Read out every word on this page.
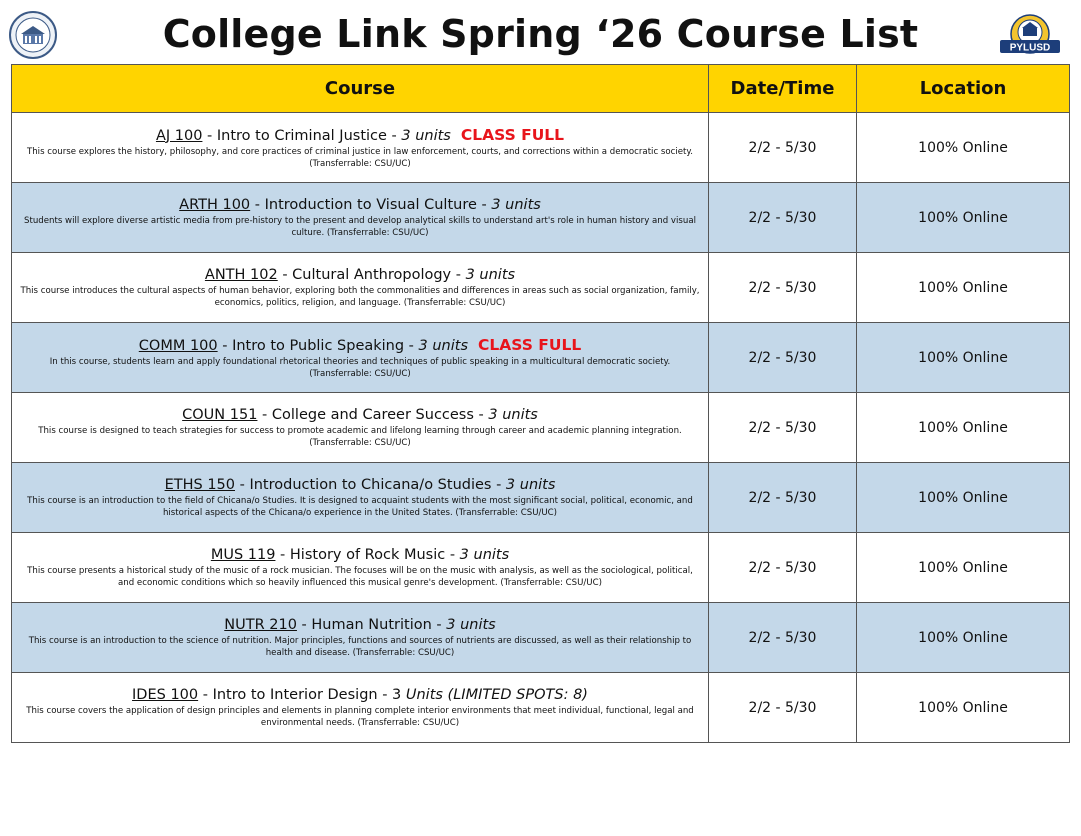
College Link Spring ‘26 Course List	PYLUSD
Course	Date/Time	Location

AJ 100 - Intro to Criminal Justice - 3 units CLASS FULL
This course explores the history, philosophy, and core practices of criminal justice in law enforcement, courts, and corrections within a democratic society. (Transferrable: CSU/UC)	2/2 - 5/30	100% Online

ARTH 100 - Introduction to Visual Culture - 3 units
Students will explore diverse artistic media from pre-history to the present and develop analytical skills to understand art's role in human history and visual culture. (Transferrable: CSU/UC)	2/2 - 5/30	100% Online

ANTH 102 - Cultural Anthropology - 3 units
This course introduces the cultural aspects of human behavior, exploring both the commonalities and differences in areas such as social organization, family, economics, politics, religion, and language. (Transferrable: CSU/UC)	2/2 - 5/30	100% Online

COMM 100 - Intro to Public Speaking - 3 units CLASS FULL
In this course, students learn and apply foundational rhetorical theories and techniques of public speaking in a multicultural democratic society. (Transferrable: CSU/UC)	2/2 - 5/30	100% Online

COUN 151 - College and Career Success - 3 units
This course is designed to teach strategies for success to promote academic and lifelong learning through career and academic planning integration. (Transferrable: CSU/UC)	2/2 - 5/30	100% Online

ETHS 150 - Introduction to Chicana/o Studies - 3 units
This course is an introduction to the field of Chicana/o Studies. It is designed to acquaint students with the most significant social, political, economic, and historical aspects of the Chicana/o experience in the United States. (Transferrable: CSU/UC)	2/2 - 5/30	100% Online

MUS 119 - History of Rock Music - 3 units
This course presents a historical study of the music of a rock musician. The focuses will be on the music with analysis, as well as the sociological, political, and economic conditions which so heavily influenced this musical genre's development. (Transferrable: CSU/UC)	2/2 - 5/30	100% Online

NUTR 210 - Human Nutrition - 3 units
This course is an introduction to the science of nutrition. Major principles, functions and sources of nutrients are discussed, as well as their relationship to health and disease. (Transferrable: CSU/UC)	2/2 - 5/30	100% Online

IDES 100 - Intro to Interior Design - 3 Units (LIMITED SPOTS: 8)
This course covers the application of design principles and elements in planning complete interior environments that meet individual, functional, legal and environmental needs. (Transferrable: CSU/UC)	2/2 - 5/30	100% Online
